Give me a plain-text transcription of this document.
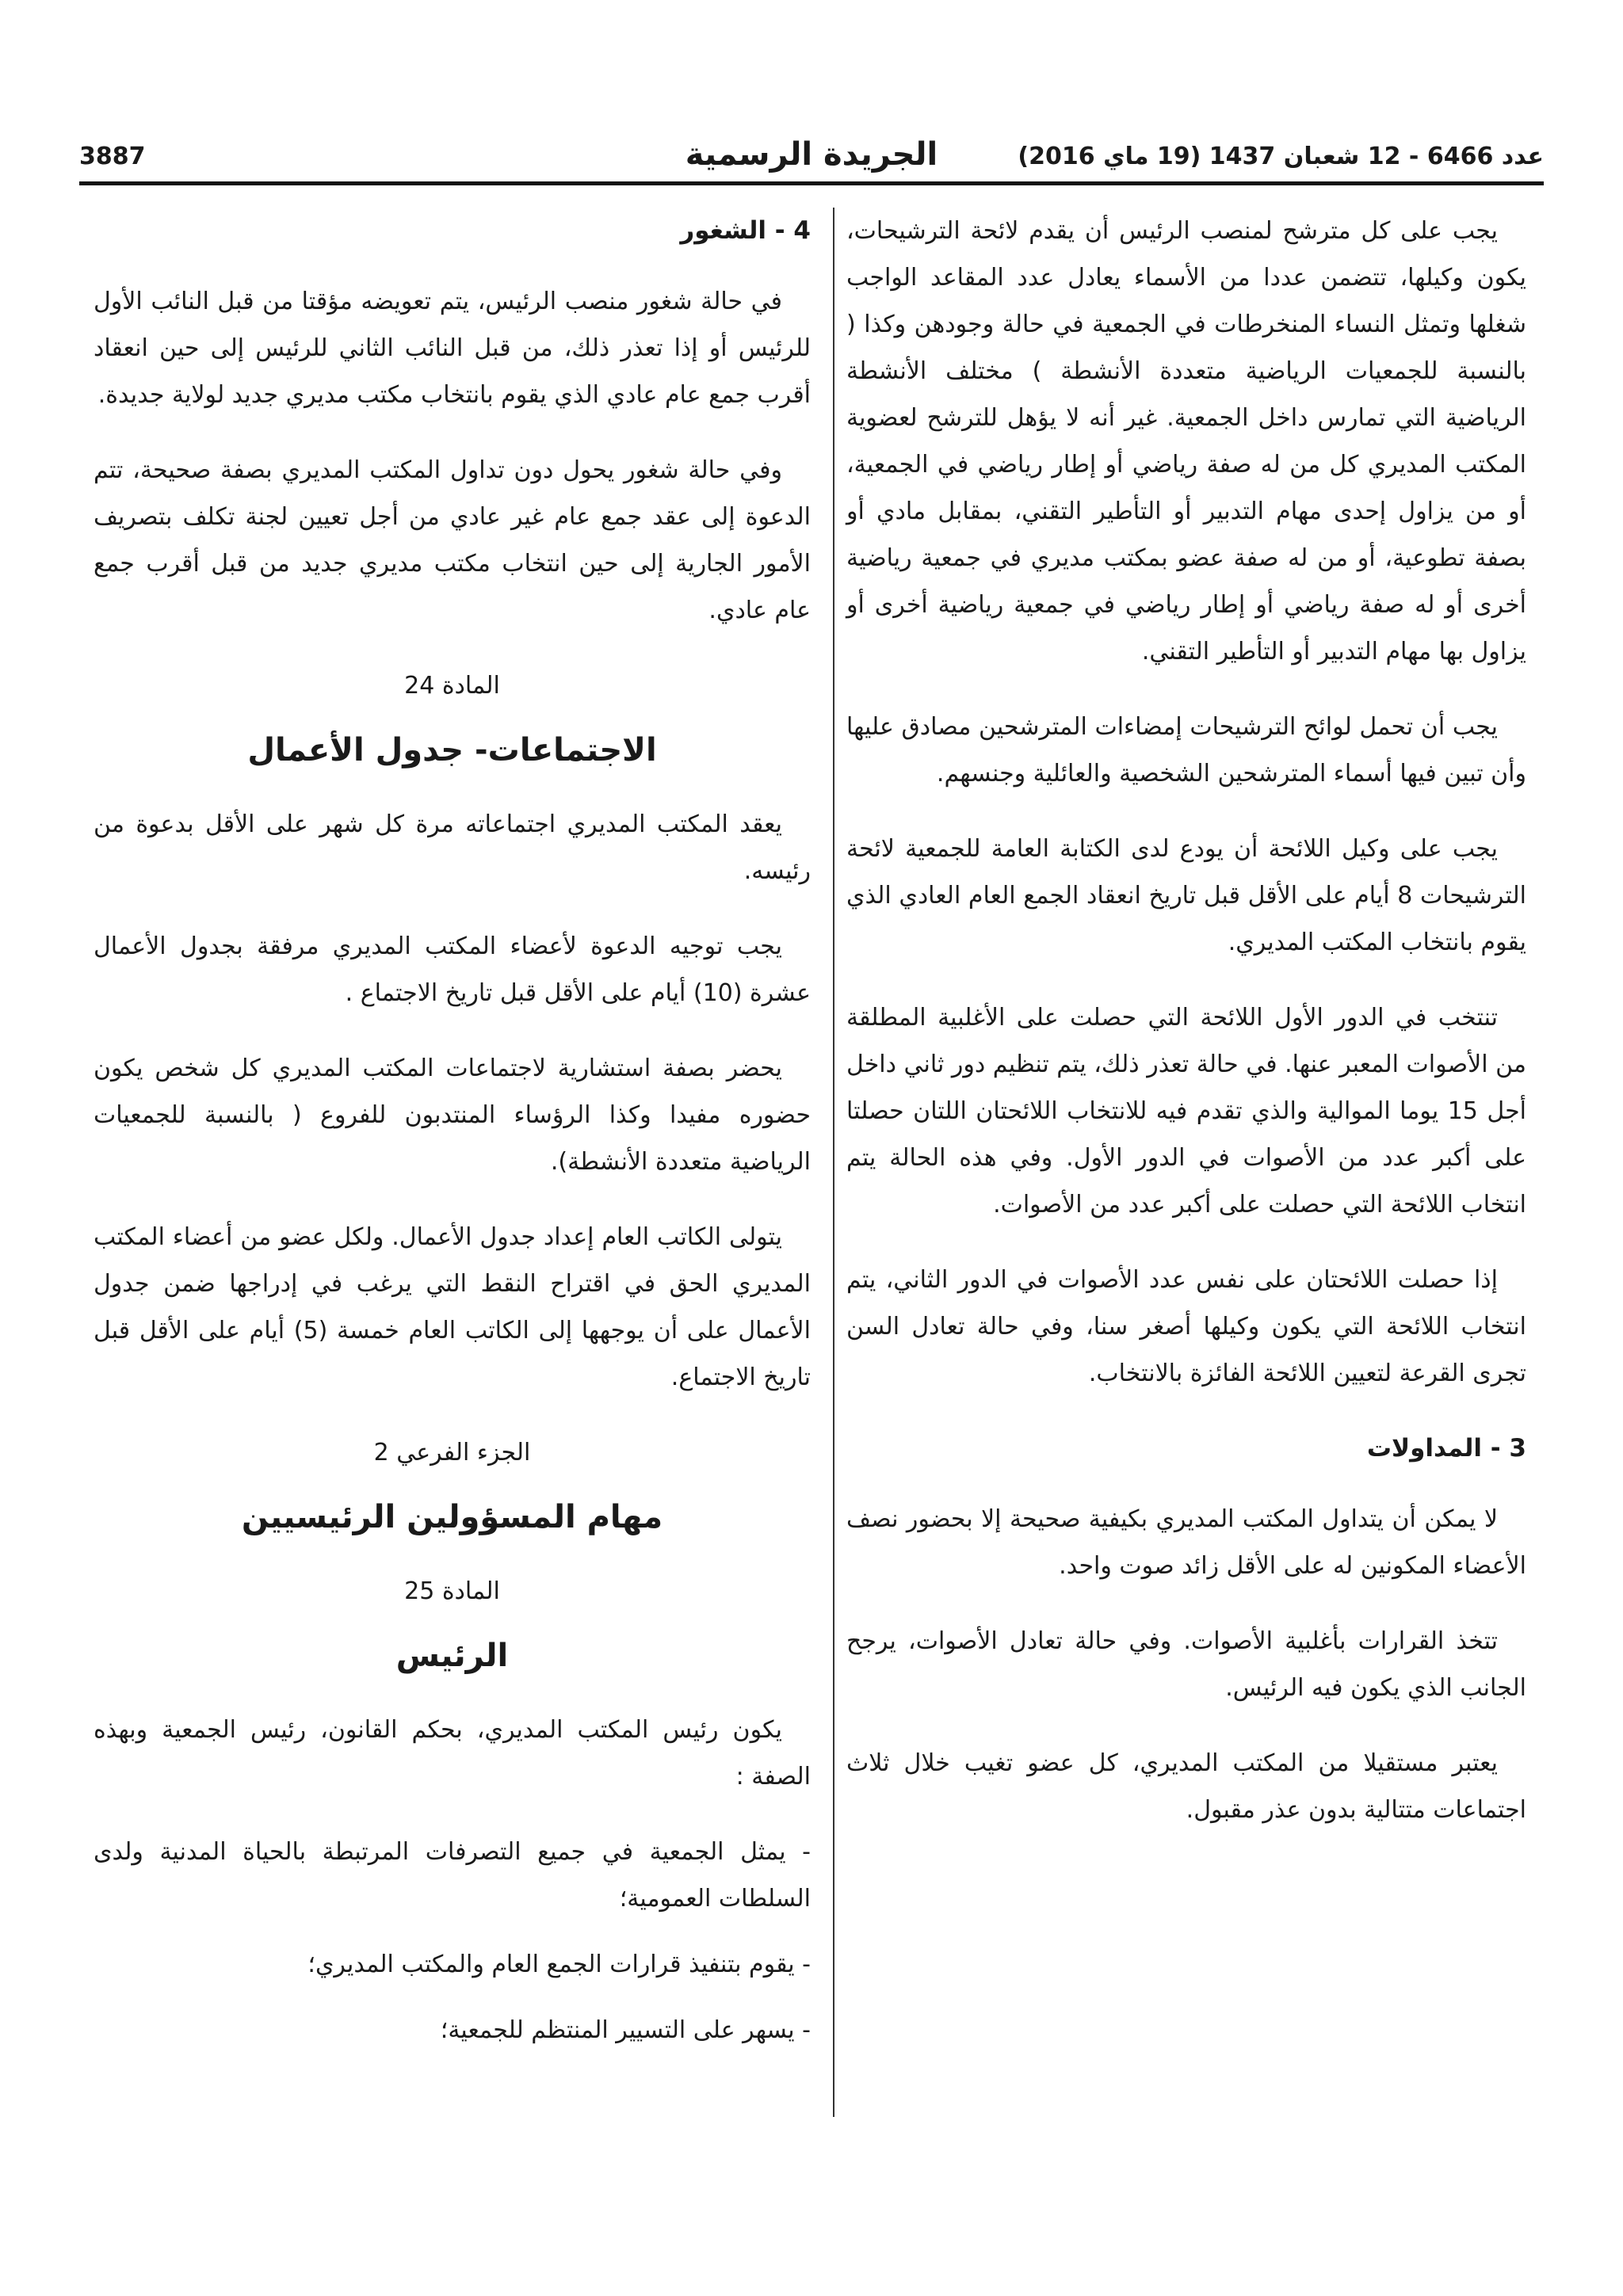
عدد 6466 - 12 شعبان 1437 (19 ماي 2016)
الجريدة الرسمية
3887

يجب على كل مترشح لمنصب الرئيس أن يقدم لائحة الترشيحات، يكون وكيلها، تتضمن عددا من الأسماء يعادل عدد المقاعد الواجب شغلها وتمثل النساء المنخرطات في الجمعية في حالة وجودهن وكذا ( بالنسبة للجمعيات الرياضية متعددة الأنشطة ) مختلف الأنشطة الرياضية التي تمارس داخل الجمعية. غير أنه لا يؤهل للترشح لعضوية المكتب المديري كل من له صفة رياضي أو إطار رياضي في الجمعية، أو من يزاول إحدى مهام التدبير أو التأطير التقني، بمقابل مادي أو بصفة تطوعية، أو من له صفة عضو بمكتب مديري في جمعية رياضية أخرى أو له صفة رياضي أو إطار رياضي في جمعية رياضية أخرى أو يزاول بها مهام التدبير أو التأطير التقني.

يجب أن تحمل لوائح الترشيحات إمضاءات المترشحين مصادق عليها وأن تبين فيها أسماء المترشحين الشخصية والعائلية وجنسهم.

يجب على وكيل اللائحة أن يودع لدى الكتابة العامة للجمعية لائحة الترشيحات 8 أيام على الأقل قبل تاريخ انعقاد الجمع العام العادي الذي يقوم بانتخاب المكتب المديري.

تنتخب في الدور الأول اللائحة التي حصلت على الأغلبية المطلقة من الأصوات المعبر عنها. في حالة تعذر ذلك، يتم تنظيم دور ثاني داخل أجل 15 يوما الموالية والذي تقدم فيه للانتخاب اللائحتان اللتان حصلتا على أكبر عدد من الأصوات في الدور الأول. وفي هذه الحالة يتم انتخاب اللائحة التي حصلت على أكبر عدد من الأصوات.

إذا حصلت اللائحتان على نفس عدد الأصوات في الدور الثاني، يتم انتخاب اللائحة التي يكون وكيلها أصغر سنا، وفي حالة تعادل السن تجرى القرعة لتعيين اللائحة الفائزة بالانتخاب.

3 - المداولات

لا يمكن أن يتداول المكتب المديري بكيفية صحيحة إلا بحضور نصف الأعضاء المكونين له على الأقل زائد صوت واحد.

تتخذ القرارات بأغلبية الأصوات. وفي حالة تعادل الأصوات، يرجح الجانب الذي يكون فيه الرئيس.

يعتبر مستقيلا من المكتب المديري، كل عضو تغيب خلال ثلاث اجتماعات متتالية بدون عذر مقبول.

4 - الشغور

في حالة شغور منصب الرئيس، يتم تعويضه مؤقتا من قبل النائب الأول للرئيس أو إذا تعذر ذلك، من قبل النائب الثاني للرئيس إلى حين انعقاد أقرب جمع عام عادي الذي يقوم بانتخاب مكتب مديري جديد لولاية جديدة.

وفي حالة شغور يحول دون تداول المكتب المديري بصفة صحيحة، تتم الدعوة إلى عقد جمع عام غير عادي من أجل تعيين لجنة تكلف بتصريف الأمور الجارية إلى حين انتخاب مكتب مديري جديد من قبل أقرب جمع عام عادي.

المادة 24

الاجتماعات- جدول الأعمال

يعقد المكتب المديري اجتماعاته مرة كل شهر على الأقل بدعوة من رئيسه.

يجب توجيه الدعوة لأعضاء المكتب المديري مرفقة بجدول الأعمال عشرة (10) أيام على الأقل قبل تاريخ الاجتماع .

يحضر بصفة استشارية لاجتماعات المكتب المديري كل شخص يكون حضوره مفيدا وكذا الرؤساء المنتدبون للفروع ( بالنسبة للجمعيات الرياضية متعددة الأنشطة).

يتولى الكاتب العام إعداد جدول الأعمال. ولكل عضو من أعضاء المكتب المديري الحق في اقتراح النقط التي يرغب في إدراجها ضمن جدول الأعمال على أن يوجهها إلى الكاتب العام خمسة (5) أيام على الأقل قبل تاريخ الاجتماع.

الجزء الفرعي 2

مهام المسؤولين الرئيسيين

المادة 25

الرئيس

يكون رئيس المكتب المديري، بحكم القانون، رئيس الجمعية وبهذه الصفة :

- يمثل الجمعية في جميع التصرفات المرتبطة بالحياة المدنية ولدى السلطات العمومية؛

- يقوم بتنفيذ قرارات الجمع العام والمكتب المديري؛

- يسهر على التسيير المنتظم للجمعية؛
